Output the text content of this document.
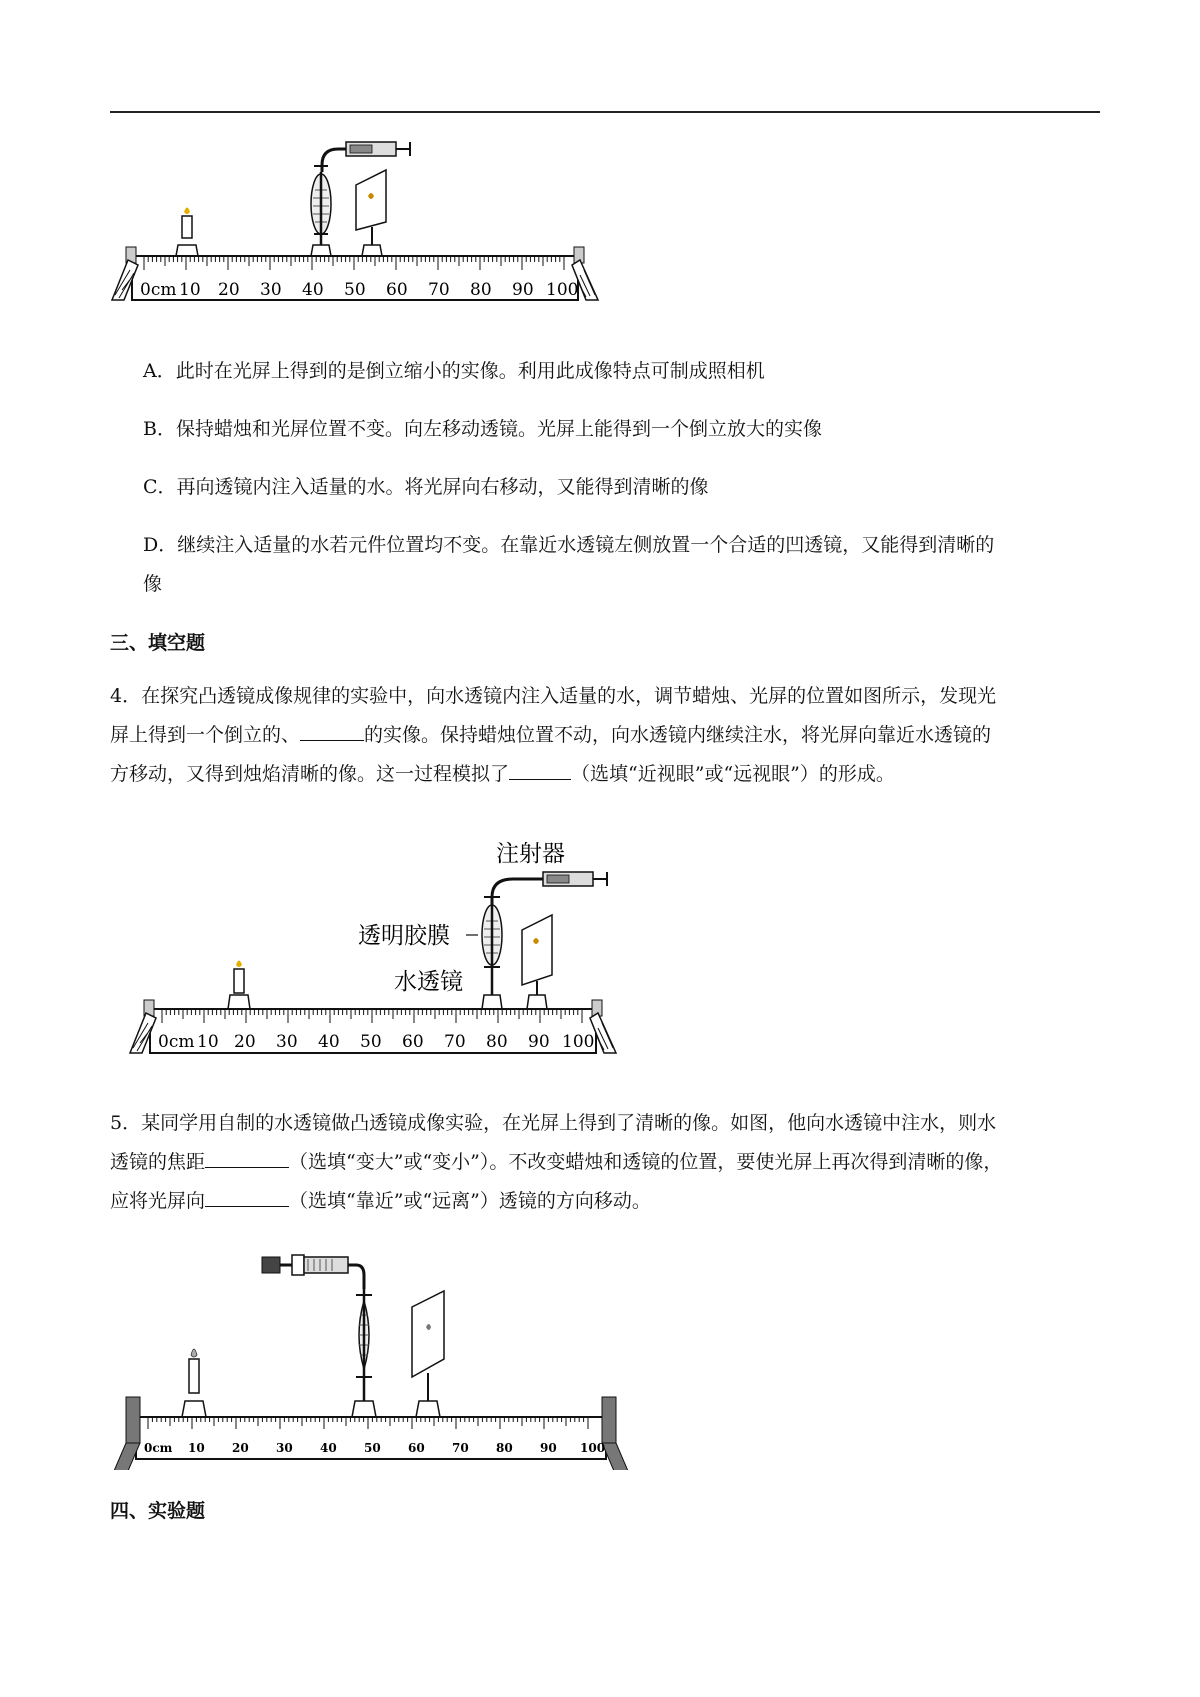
0cm 10 20 30 40 50 60 70 80 90 100
A．此时在光屏上得到的是倒立缩小的实像。利用此成像特点可制成照相机
B．保持蜡烛和光屏位置不变。向左移动透镜。光屏上能得到一个倒立放大的实像
C．再向透镜内注入适量的水。将光屏向右移动，又能得到清晰的像
D．继续注入适量的水若元件位置均不变。在靠近水透镜左侧放置一个合适的凹透镜，又能得到清晰的
像
三、填空题
4．在探究凸透镜成像规律的实验中，向水透镜内注入适量的水，调节蜡烛、光屏的位置如图所示，发现光
屏上得到一个倒立的、	的实像。保持蜡烛位置不动，向水透镜内继续注水，将光屏向靠近水透镜的
方移动，又得到烛焰清晰的像。这一过程模拟了	（选填“近视眼”或“远视眼”）的形成。
注射器
透明胶膜
水透镜
0cm 10 20 30 40 50 60 70 80 90 100
5．某同学用自制的水透镜做凸透镜成像实验，在光屏上得到了清晰的像。如图，他向水透镜中注水，则水
透镜的焦距	（选填“变大”或“变小”）。不改变蜡烛和透镜的位置，要使光屏上再次得到清晰的像，
应将光屏向	（选填“靠近”或“远离”）透镜的方向移动。
0cm 10 20 30 40 50 60 70 80 90 100
四、实验题
